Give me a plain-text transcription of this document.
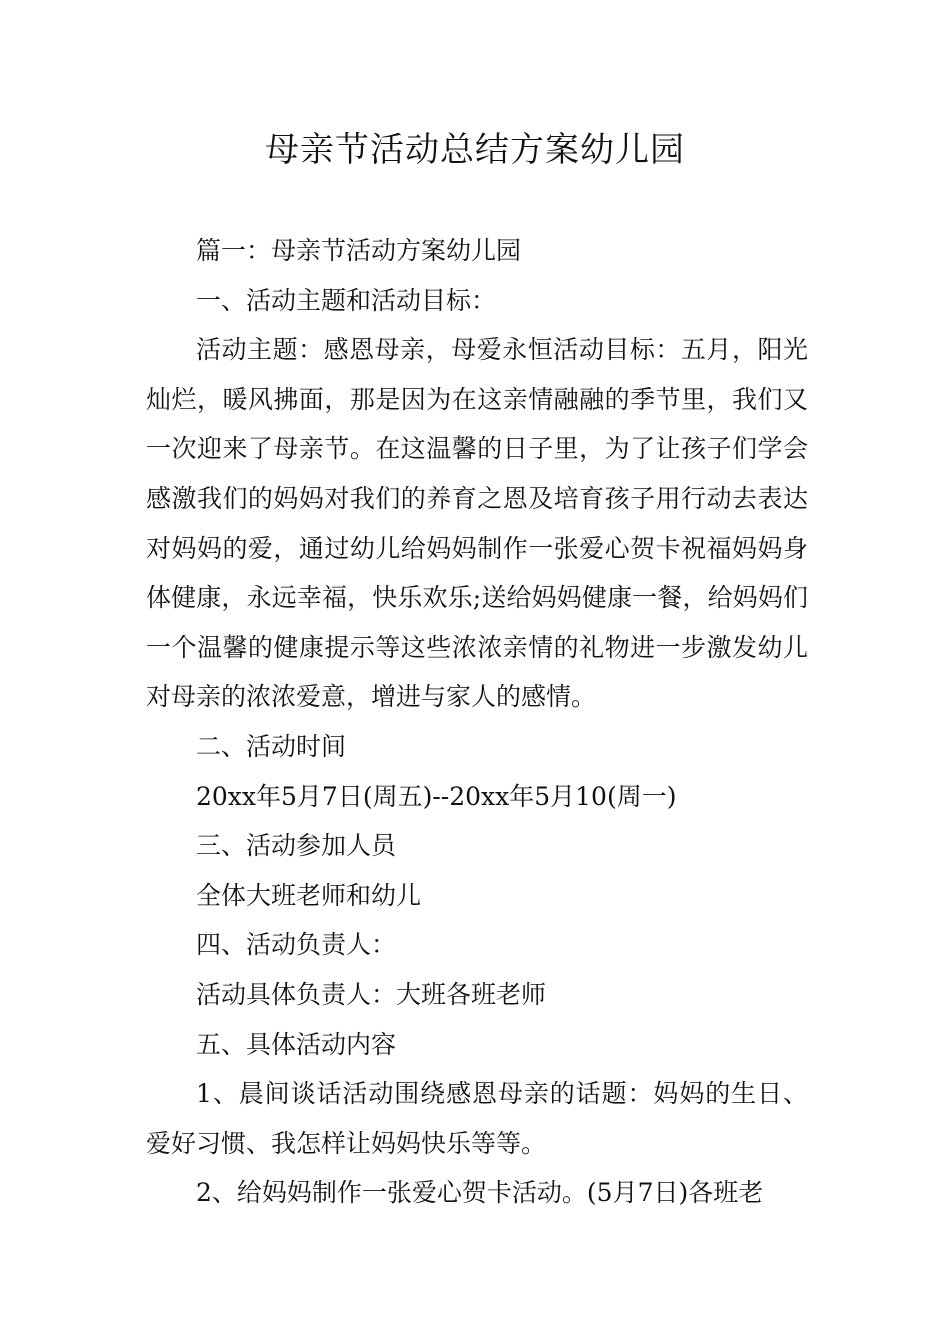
母亲节活动总结方案幼儿园

篇一：母亲节活动方案幼儿园

一、活动主题和活动目标：

活动主题：感恩母亲，母爱永恒活动目标：五月，阳光灿烂，暖风拂面，那是因为在这亲情融融的季节里，我们又一次迎来了母亲节。在这温馨的日子里，为了让孩子们学会感激我们的妈妈对我们的养育之恩及培育孩子用行动去表达对妈妈的爱，通过幼儿给妈妈制作一张爱心贺卡祝福妈妈身体健康，永远幸福，快乐欢乐;送给妈妈健康一餐，给妈妈们一个温馨的健康提示等这些浓浓亲情的礼物进一步激发幼儿对母亲的浓浓爱意，增进与家人的感情。

二、活动时间

20xx年5月7日(周五)--20xx年5月10(周一)

三、活动参加人员

全体大班老师和幼儿

四、活动负责人：

活动具体负责人：大班各班老师

五、具体活动内容

1、晨间谈话活动围绕感恩母亲的话题：妈妈的生日、爱好习惯、我怎样让妈妈快乐等等。

2、给妈妈制作一张爱心贺卡活动。(5月7日)各班老
